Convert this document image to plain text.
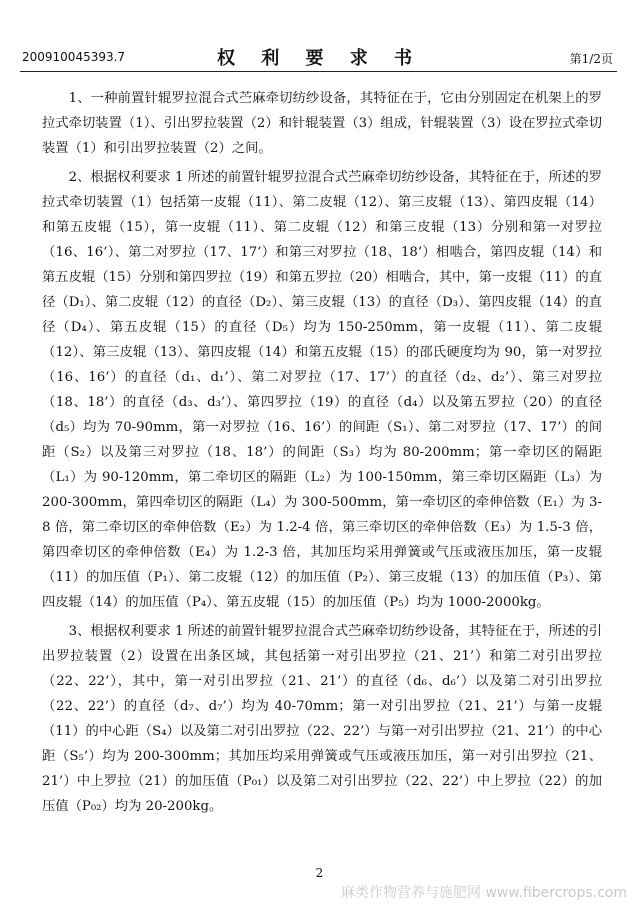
200910045393.7	权 利 要 求 书	第1/2页

1、一种前置针辊罗拉混合式苎麻牵切纺纱设备，其特征在于，它由分别固定在机架上的罗拉式牵切装置（1）、引出罗拉装置（2）和针辊装置（3）组成，针辊装置（3）设在罗拉式牵切装置（1）和引出罗拉装置（2）之间。

2、根据权利要求 1 所述的前置针辊罗拉混合式苎麻牵切纺纱设备，其特征在于，所述的罗拉式牵切装置（1）包括第一皮辊（11）、第二皮辊（12）、第三皮辊（13）、第四皮辊（14）和第五皮辊（15），第一皮辊（11）、第二皮辊（12）和第三皮辊（13）分别和第一对罗拉（16、16’）、第二对罗拉（17、17’）和第三对罗拉（18、18’）相啮合，第四皮辊（14）和第五皮辊（15）分别和第四罗拉（19）和第五罗拉（20）相啮合，其中，第一皮辊（11）的直径（D₁）、第二皮辊（12）的直径（D₂）、第三皮辊（13）的直径（D₃）、第四皮辊（14）的直径（D₄）、第五皮辊（15）的直径（D₅）均为 150-250mm，第一皮辊（11）、第二皮辊（12）、第三皮辊（13）、第四皮辊（14）和第五皮辊（15）的邵氏硬度均为 90，第一对罗拉（16、16’）的直径（d₁、d₁’）、第二对罗拉（17、17’）的直径（d₂、d₂’）、第三对罗拉（18、18’）的直径（d₃、d₃’）、第四罗拉（19）的直径（d₄）以及第五罗拉（20）的直径（d₅）均为 70-90mm，第一对罗拉（16、16’）的间距（S₁）、第二对罗拉（17、17’）的间距（S₂）以及第三对罗拉（18、18’）的间距（S₃）均为 80-200mm；第一牵切区的隔距（L₁）为 90-120mm，第二牵切区的隔距（L₂）为 100-150mm，第三牵切区隔距（L₃）为 200-300mm，第四牵切区的隔距（L₄）为 300-500mm，第一牵切区的牵伸倍数（E₁）为 3-8 倍，第二牵切区的牵伸倍数（E₂）为 1.2-4 倍，第三牵切区的牵伸倍数（E₃）为 1.5-3 倍，第四牵切区的牵伸倍数（E₄）为 1.2-3 倍，其加压均采用弹簧或气压或液压加压，第一皮辊（11）的加压值（P₁）、第二皮辊（12）的加压值（P₂）、第三皮辊（13）的加压值（P₃）、第四皮辊（14）的加压值（P₄）、第五皮辊（15）的加压值（P₅）均为 1000-2000kg。

3、根据权利要求 1 所述的前置针辊罗拉混合式苎麻牵切纺纱设备，其特征在于，所述的引出罗拉装置（2）设置在出条区域，其包括第一对引出罗拉（21、21’）和第二对引出罗拉（22、22’），其中，第一对引出罗拉（21、21’）的直径（d₆、d₆’）以及第二对引出罗拉（22、22’）的直径（d₇、d₇’）均为 40-70mm；第一对引出罗拉（21、21’）与第一皮辊（11）的中心距（S₄）以及第二对引出罗拉（22、22’）与第一对引出罗拉（21、21’）的中心距（S₅’）均为 200-300mm；其加压均采用弹簧或气压或液压加压，第一对引出罗拉（21、21’）中上罗拉（21）的加压值（P₀₁）以及第二对引出罗拉（22、22’）中上罗拉（22）的加压值（P₀₂）均为 20-200kg。

2
麻类作物营养与施肥网 www.fibercrops.com
